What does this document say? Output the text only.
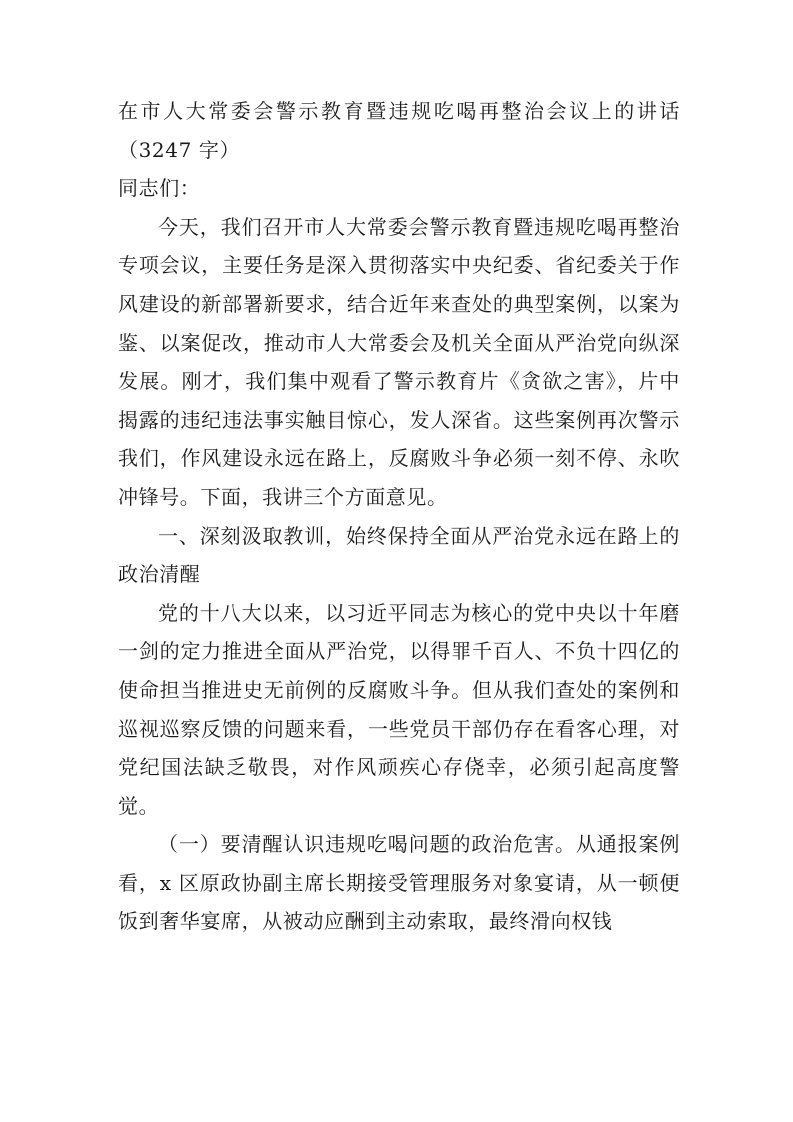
在市人大常委会警示教育暨违规吃喝再整治会议上的讲话（3247 字）

同志们：

今天，我们召开市人大常委会警示教育暨违规吃喝再整治专项会议，主要任务是深入贯彻落实中央纪委、省纪委关于作风建设的新部署新要求，结合近年来查处的典型案例，以案为鉴、以案促改，推动市人大常委会及机关全面从严治党向纵深发展。刚才，我们集中观看了警示教育片《贪欲之害》，片中揭露的违纪违法事实触目惊心，发人深省。这些案例再次警示我们，作风建设永远在路上，反腐败斗争必须一刻不停、永吹冲锋号。下面，我讲三个方面意见。

一、深刻汲取教训，始终保持全面从严治党永远在路上的政治清醒

党的十八大以来，以习近平同志为核心的党中央以十年磨一剑的定力推进全面从严治党，以得罪千百人、不负十四亿的使命担当推进史无前例的反腐败斗争。但从我们查处的案例和巡视巡察反馈的问题来看，一些党员干部仍存在看客心理，对党纪国法缺乏敬畏，对作风顽疾心存侥幸，必须引起高度警觉。

（一）要清醒认识违规吃喝问题的政治危害。从通报案例看，x 区原政协副主席长期接受管理服务对象宴请，从一顿便饭到奢华宴席，从被动应酬到主动索取，最终滑向权钱
